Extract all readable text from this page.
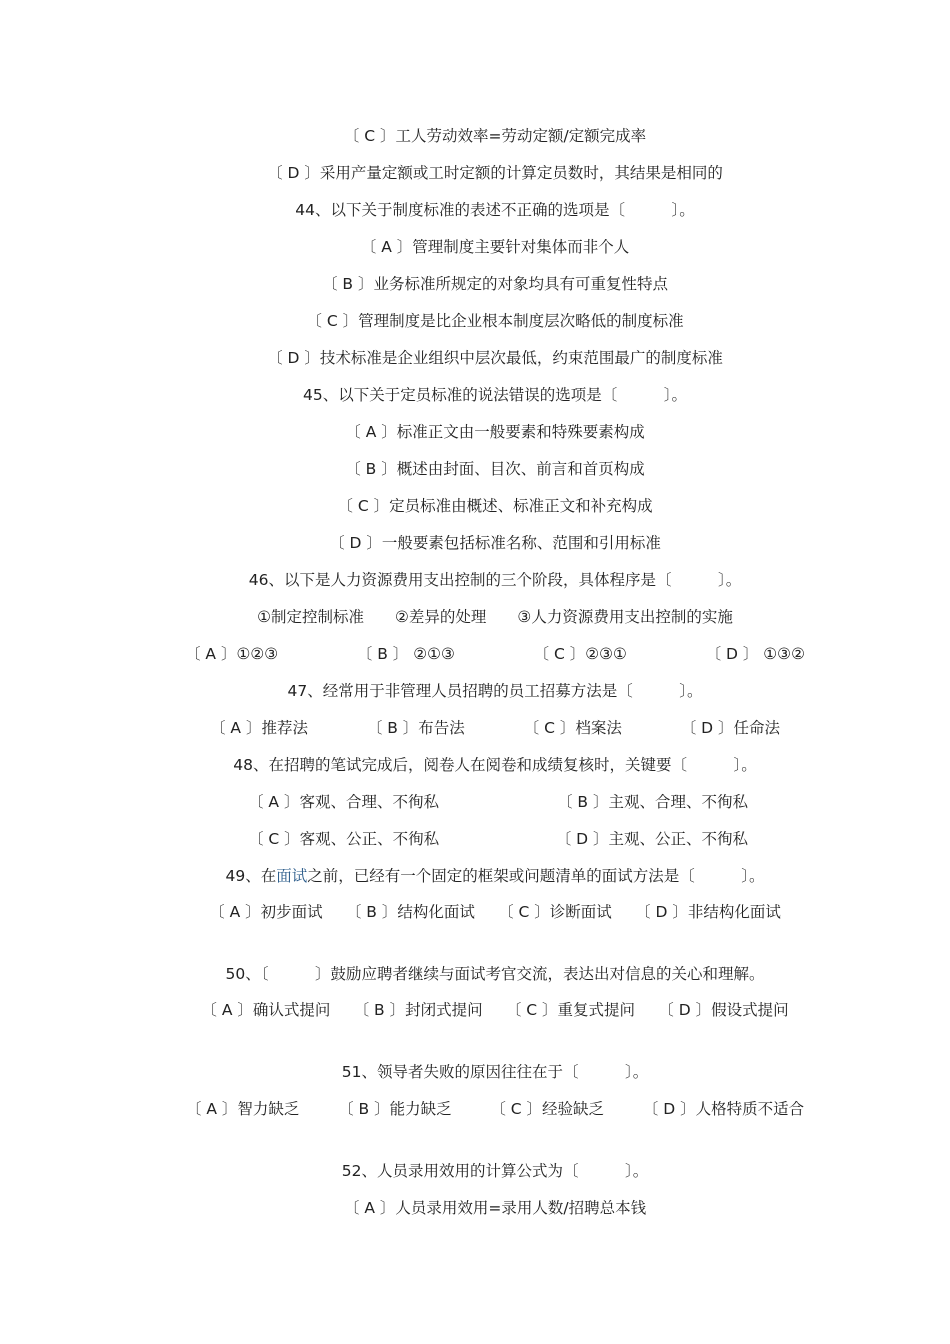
〔 C 〕工人劳动效率=劳动定额/定额完成率
〔 D 〕采用产量定额或工时定额的计算定员数时，其结果是相同的
44、以下关于制度标准的表述不正确的选项是〔　　　〕。
〔 A 〕管理制度主要针对集体而非个人
〔 B 〕业务标准所规定的对象均具有可重复性特点
〔 C 〕管理制度是比企业根本制度层次略低的制度标准
〔 D 〕技术标准是企业组织中层次最低，约束范围最广的制度标准
45、以下关于定员标准的说法错误的选项是〔　　　〕。
〔 A 〕标准正文由一般要素和特殊要素构成
〔 B 〕概述由封面、目次、前言和首页构成
〔 C 〕定员标准由概述、标准正文和补充构成
〔 D 〕一般要素包括标准名称、范围和引用标准
46、以下是人力资源费用支出控制的三个阶段，具体程序是〔　　　〕。
①制定控制标准　　②差异的处理　　③人力资源费用支出控制的实施
〔 A 〕①②③	〔 B 〕 ②①③	〔 C 〕②③①	〔 D 〕 ①③②
47、经常用于非管理人员招聘的员工招募方法是〔　　　〕。
〔 A 〕推荐法	〔 B 〕布告法	〔 C 〕档案法	〔 D 〕任命法
48、在招聘的笔试完成后，阅卷人在阅卷和成绩复核时，关键要〔　　　〕。
〔 A 〕客观、合理、不徇私	〔 B 〕主观、合理、不徇私
〔 C 〕客观、公正、不徇私	〔 D 〕主观、公正、不徇私
49、在面试之前，已经有一个固定的框架或问题清单的面试方法是〔　　　〕。
〔 A 〕初步面试　　〔 B 〕结构化面试　　〔 C 〕诊断面试　　〔 D 〕非结构化面试
50、〔　　　〕鼓励应聘者继续与面试考官交流，表达出对信息的关心和理解。
〔 A 〕确认式提问　　〔 B 〕封闭式提问　　〔 C 〕重复式提问　　〔 D 〕假设式提问
51、领导者失败的原因往往在于〔　　　〕。
〔 A 〕智力缺乏　　　〔 B 〕能力缺乏　　　〔 C 〕经验缺乏　　　〔 D 〕人格特质不适合
52、人员录用效用的计算公式为〔　　　〕。
〔 A 〕人员录用效用=录用人数/招聘总本钱
